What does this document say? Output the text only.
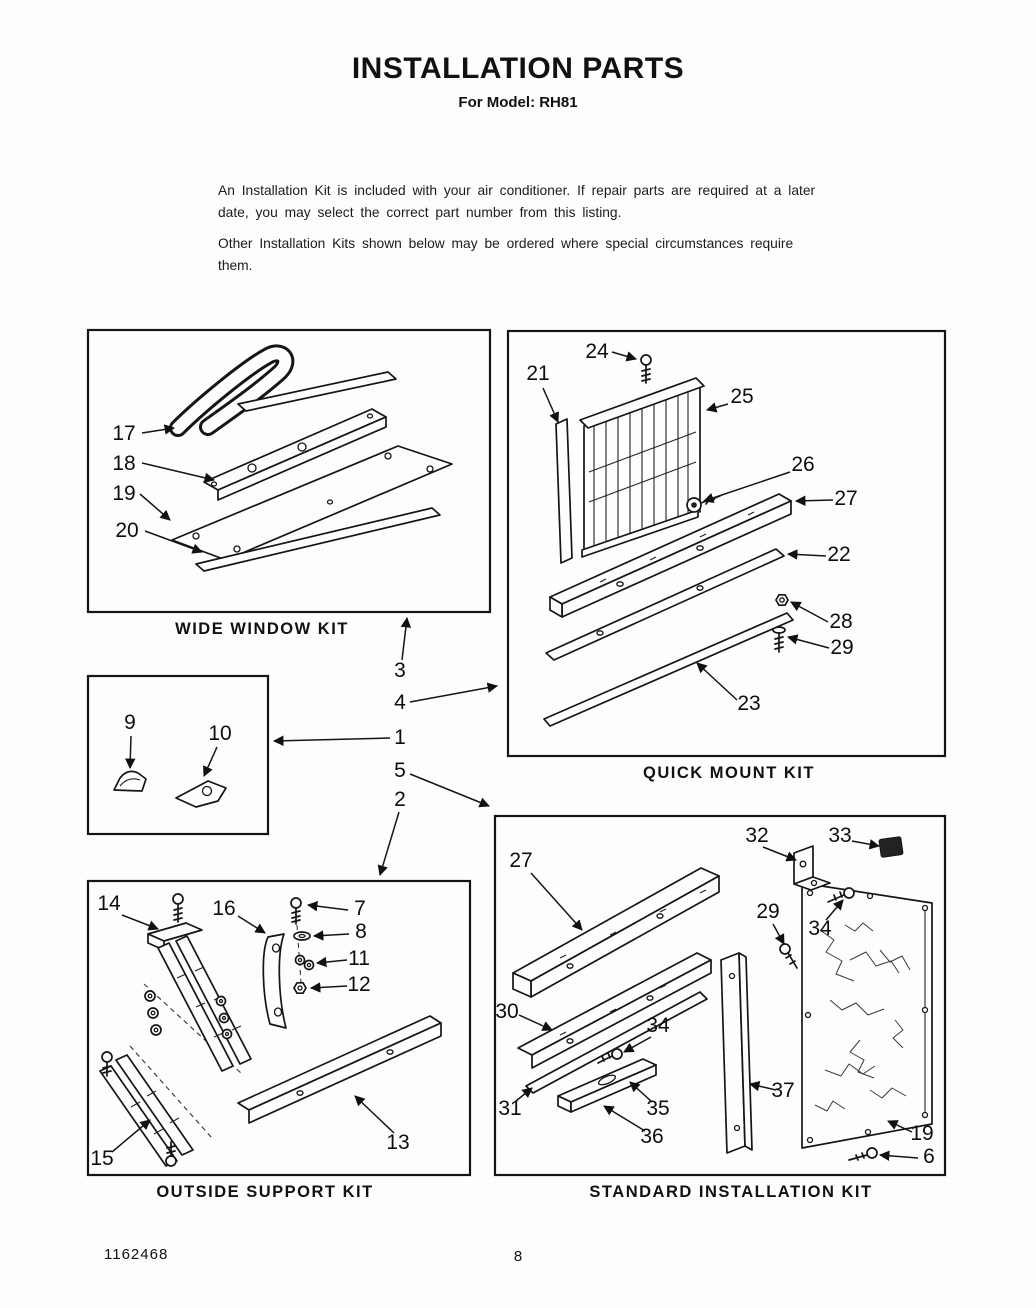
INSTALLATION PARTS
For Model: RH81

An Installation Kit is included with your air conditioner. If repair parts are required at a later date, you may select the correct part number from this listing.

Other Installation Kits shown below may be ordered where special circumstances require them.

17
18
19
20
24
21
25
26
27
22
28
29
23
9	10
3
4
1
5
2
14	16	7
8
11
12
13
15
27
32	33
29
34
30
34
31	35
36
37
19
6
WIDE WINDOW KIT
QUICK MOUNT KIT
OUTSIDE SUPPORT KIT	STANDARD INSTALLATION KIT
1162468	8
